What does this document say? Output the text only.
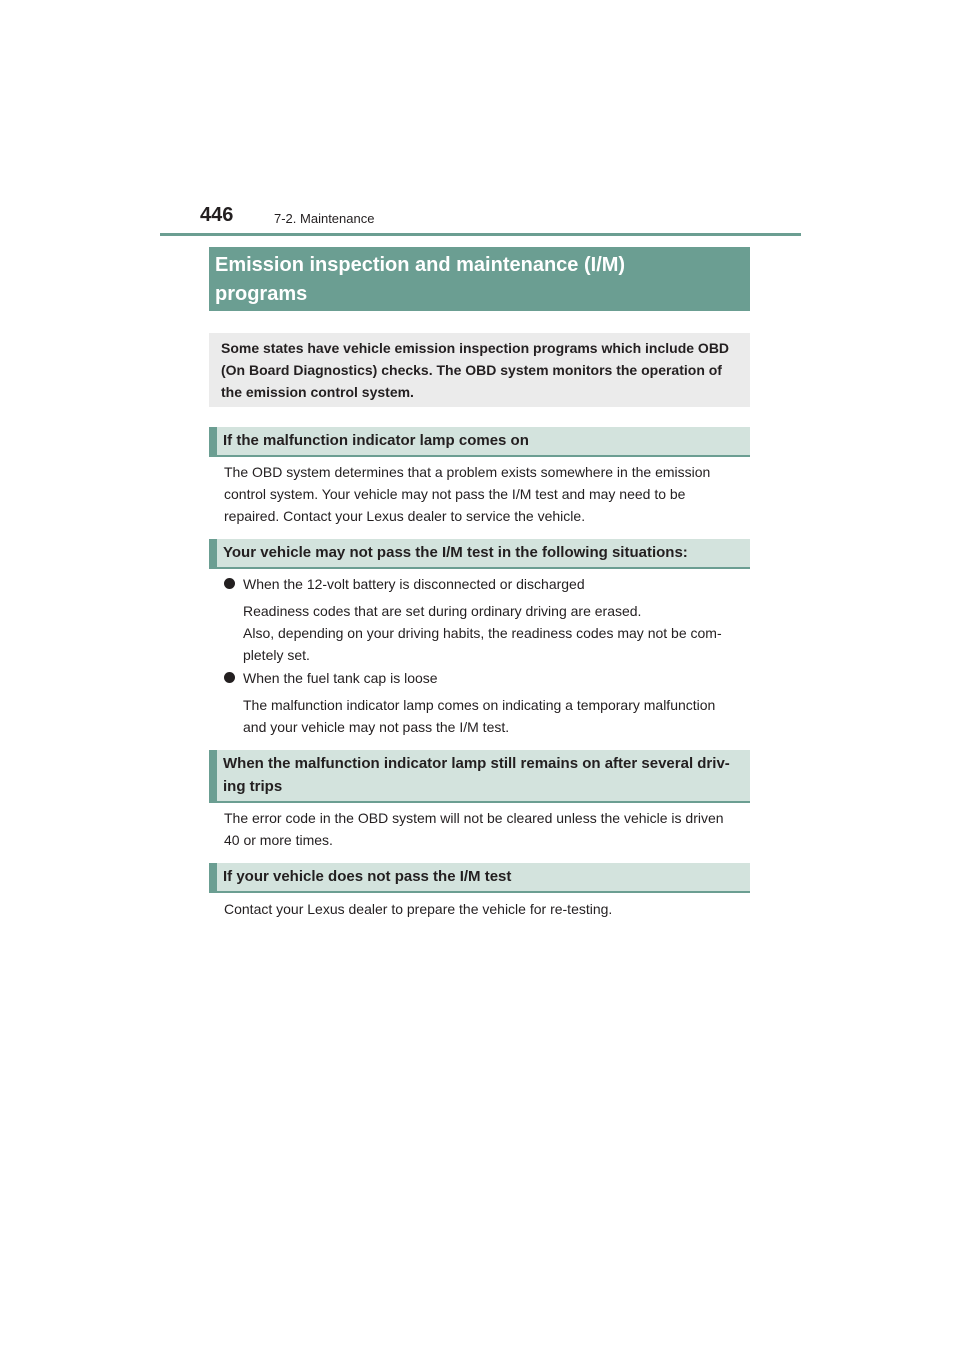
446	7-2. Maintenance
Emission inspection and maintenance (I/M)
programs
Some states have vehicle emission inspection programs which include OBD
(On Board Diagnostics) checks. The OBD system monitors the operation of
the emission control system.
If the malfunction indicator lamp comes on
The OBD system determines that a problem exists somewhere in the emission
control system. Your vehicle may not pass the I/M test and may need to be
repaired. Contact your Lexus dealer to service the vehicle.
Your vehicle may not pass the I/M test in the following situations:
When the 12-volt battery is disconnected or discharged
Readiness codes that are set during ordinary driving are erased.
Also, depending on your driving habits, the readiness codes may not be com-
pletely set.
When the fuel tank cap is loose
The malfunction indicator lamp comes on indicating a temporary malfunction
and your vehicle may not pass the I/M test.
When the malfunction indicator lamp still remains on after several driv-
ing trips
The error code in the OBD system will not be cleared unless the vehicle is driven
40 or more times.
If your vehicle does not pass the I/M test
Contact your Lexus dealer to prepare the vehicle for re-testing.
